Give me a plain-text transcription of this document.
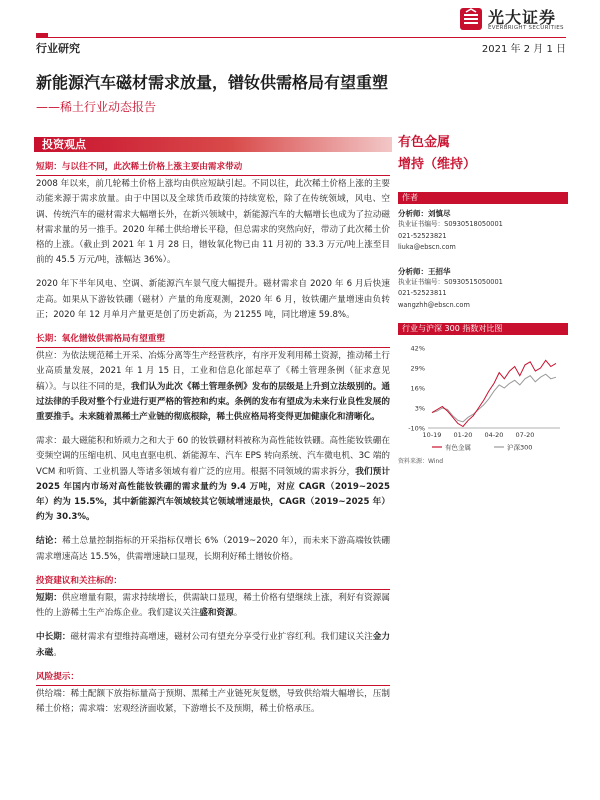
光大证券
EVERBRIGHT SECURITIES
行业研究	2021 年 2 月 1 日
新能源汽车磁材需求放量，镨钕供需格局有望重塑
——稀土行业动态报告
投资观点

短期：与以往不同，此次稀土价格上涨主要由需求带动

2008 年以来，前几轮稀土价格上涨均由供应短缺引起。不同以往，此次稀土价格上涨的主要动能来源于需求放量。由于中国以及全球货币政策的持续宽松，除了在传统领域，风电、空调、传统汽车的磁材需求大幅增长外，在新兴领域中，新能源汽车的大幅增长也成为了拉动磁材需求量的另一推手。2020 年稀土供给增长平稳，但总需求的突然向好，带动了此次稀土价格的上涨。（截止到 2021 年 1 月 28 日，镨钕氧化物已由 11 月初的 33.3 万元/吨上涨至目前的 45.5 万元/吨，涨幅达 36%）。

2020 年下半年风电、空调、新能源汽车景气度大幅提升。磁材需求自 2020 年 6 月后快速走高。如果从下游钕铁硼（磁材）产量的角度观测，2020 年 6 月，钕铁硼产量增速由负转正；2020 年 12 月单月产量更是创了历史新高，为 21255 吨，同比增速 59.8%。

长期：氧化镨钕供需格局有望重塑

供应：为依法规范稀土开采、冶炼分离等生产经营秩序，有序开发利用稀土资源，推动稀土行业高质量发展，2021 年 1 月 15 日，工业和信息化部起草了《稀土管理条例（征求意见稿）》。与以往不同的是，我们认为此次《稀土管理条例》发布的层级是上升到立法级别的。通过法律的手段对整个行业进行更严格的管控和约束。条例的发布有望成为未来行业良性发展的重要推手。未来随着黑稀土产业链的彻底根除，稀土供应格局将变得更加健康化和清晰化。

需求：最大磁能积和矫顽力之和大于 60 的钕铁硼材料被称为高性能钕铁硼。高性能钕铁硼在变频空调的压缩电机、风电直驱电机、新能源车、汽车 EPS 转向系统、汽车微电机、3C 端的 VCM 和听筒、工业机器人等诸多领域有着广泛的应用。根据不同领域的需求拆分，我们预计 2025 年国内市场对高性能钕铁硼的需求量约为 9.4 万吨，对应 CAGR（2019~2025 年）约为 15.5%，其中新能源汽车领域较其它领域增速最快，CAGR（2019~2025 年）约为 30.3%。

结论：稀土总量控制指标的开采指标仅增长 6%（2019~2020 年），而未来下游高端钕铁硼需求增速高达 15.5%，供需增速缺口显现，长期利好稀土镨钕价格。

投资建议和关注标的：

短期：供应增量有限，需求持续增长，供需缺口显现，稀土价格有望继续上涨，利好有资源属性的上游稀土生产冶炼企业。我们建议关注盛和资源。

中长期：磁材需求有望维持高增速，磁材公司有望充分享受行业扩容红利。我们建议关注金力永磁。

风险提示：

供给端：稀土配额下放指标量高于预期、黑稀土产业链死灰复燃，导致供给端大幅增长，压制稀土价格；需求端：宏观经济面收紧，下游增长不及预期，稀土价格承压。

有色金属
增持（维持）
作者
分析师：刘慎尽
执业证书编号：S0930518050001
021-52523821
liuka@ebscn.com
分析师：王招华
执业证书编号：S0930515050001
021-52523811
wangzhh@ebscn.com
行业与沪深 300 指数对比图
42%
29%
16%
3%
-10%
10-19 01-20 04-20 07-20
有色金属	沪深300
资料来源：Wind
